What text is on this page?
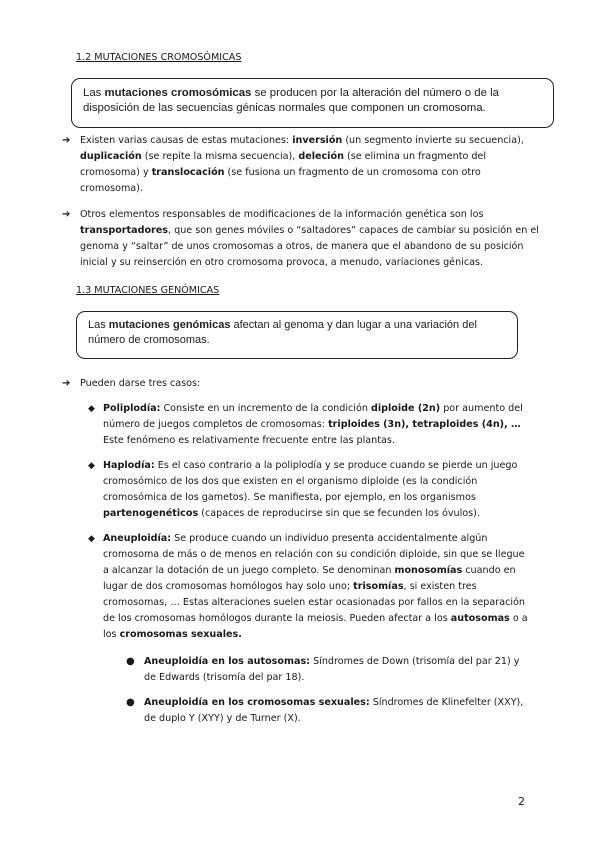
1.2 MUTACIONES CROMOSÓMICAS
Las mutaciones cromosómicas se producen por la alteración del número o de la disposición de las secuencias génicas normales que componen un cromosoma.
➔ Existen varias causas de estas mutaciones: inversión (un segmento invierte su secuencia), duplicación (se repite la misma secuencia), deleción (se elimina un fragmento del cromosoma) y translocación (se fusiona un fragmento de un cromosoma con otro cromosoma).
➔ Otros elementos responsables de modificaciones de la información genética son los transportadores, que son genes móviles o “saltadores” capaces de cambiar su posición en el genoma y “saltar” de unos cromosomas a otros, de manera que el abandono de su posición inicial y su reinserción en otro cromosoma provoca, a menudo, variaciones génicas.
1.3 MUTACIONES GENÓMICAS
Las mutaciones genómicas afectan al genoma y dan lugar a una variación del número de cromosomas.
➔ Pueden darse tres casos:
◆ Poliplodía: Consiste en un incremento de la condición diploide (2n) por aumento del número de juegos completos de cromosomas: triploides (3n), tetraploides (4n), … Este fenómeno es relativamente frecuente entre las plantas.
◆ Haplodía: Es el caso contrario a la poliplodía y se produce cuando se pierde un juego cromosómico de los dos que existen en el organismo diploide (es la condición cromosómica de los gametos). Se manifiesta, por ejemplo, en los organismos partenogenéticos (capaces de reproducirse sin que se fecunden los óvulos).
◆ Aneuploidía: Se produce cuando un individuo presenta accidentalmente algún cromosoma de más o de menos en relación con su condición diploide, sin que se llegue a alcanzar la dotación de un juego completo. Se denominan monosomías cuando en lugar de dos cromosomas homólogos hay solo uno; trisomías, si existen tres cromosomas, … Estas alteraciones suelen estar ocasionadas por fallos en la separación de los cromosomas homólogos durante la meiosis. Pueden afectar a los autosomas o a los cromosomas sexuales.
● Aneuploidía en los autosomas: Síndromes de Down (trisomía del par 21) y de Edwards (trisomía del par 18).
● Aneuploidía en los cromosomas sexuales: Síndromes de Klinefelter (XXY), de duplo Y (XYY) y de Turner (X).
2
